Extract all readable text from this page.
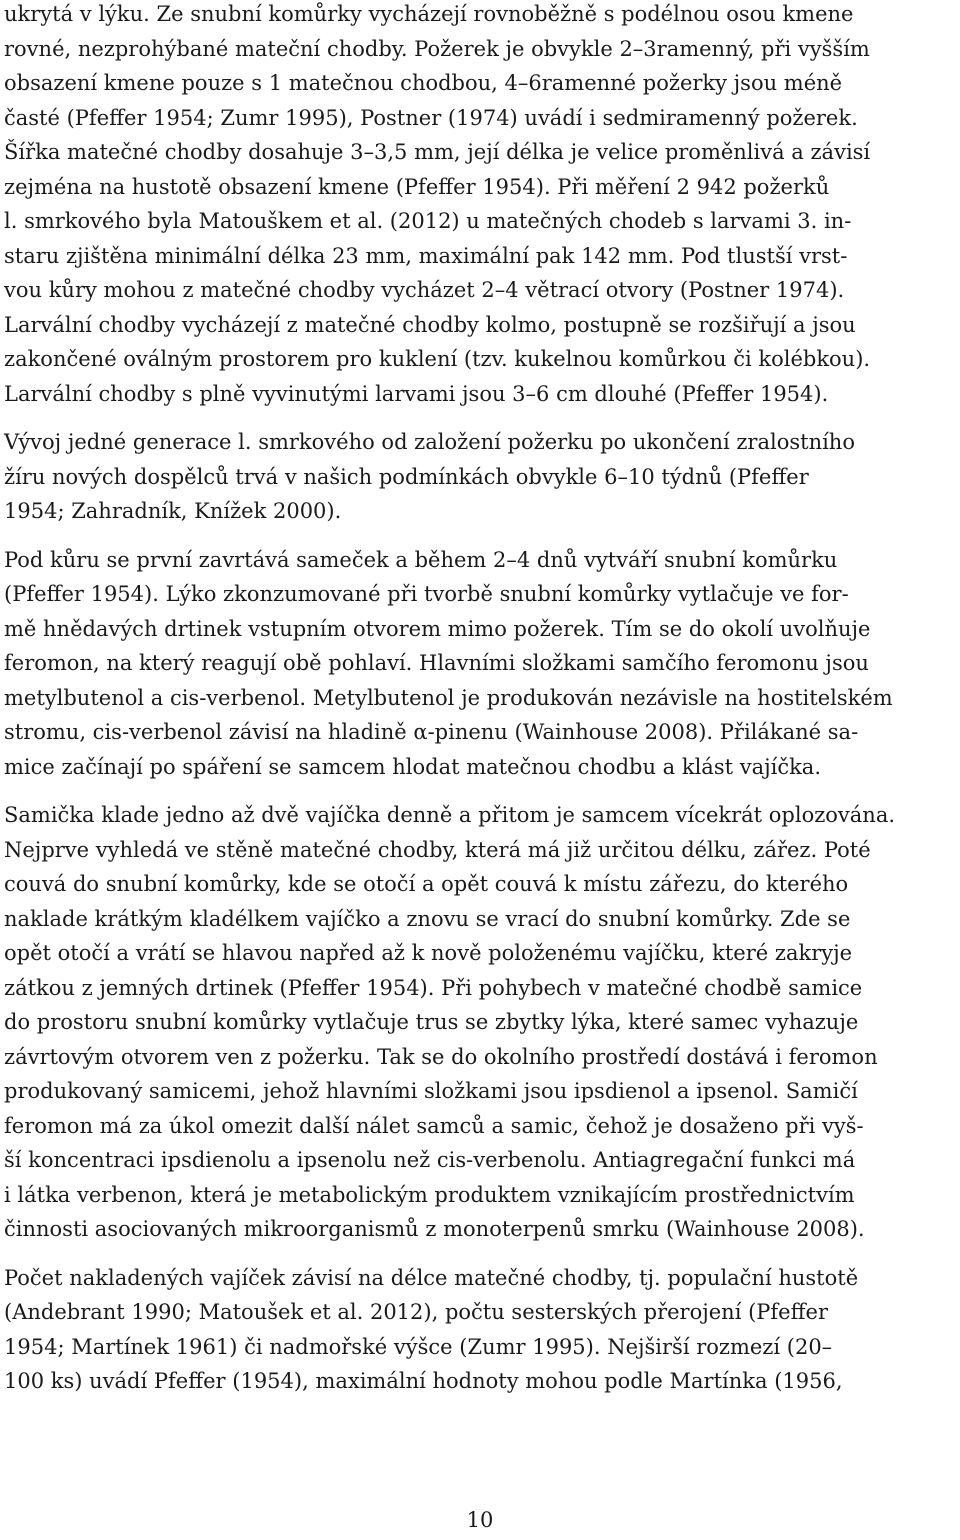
ukrytá v lýku. Ze snubní komůrky vycházejí rovnoběžně s podélnou osou kmene
rovné, nezprohýbané mateční chodby. Požerek je obvykle 2–3ramenný, při vyšším
obsazení kmene pouze s 1 matečnou chodbou, 4–6ramenné požerky jsou méně
časté (Pfeffer 1954; Zumr 1995), Postner (1974) uvádí i sedmiramenný požerek.
Šířka matečné chodby dosahuje 3–3,5 mm, její délka je velice proměnlivá a závisí
zejména na hustotě obsazení kmene (Pfeffer 1954). Při měření 2 942 požerků
l. smrkového byla Matouškem et al. (2012) u matečných chodeb s larvami 3. in-
staru zjištěna minimální délka 23 mm, maximální pak 142 mm. Pod tlustší vrst-
vou kůry mohou z matečné chodby vycházet 2–4 větrací otvory (Postner 1974).
Larvální chodby vycházejí z matečné chodby kolmo, postupně se rozšiřují a jsou
zakončené oválným prostorem pro kuklení (tzv. kukelnou komůrkou či kolébkou).
Larvální chodby s plně vyvinutými larvami jsou 3–6 cm dlouhé (Pfeffer 1954).
Vývoj jedné generace l. smrkového od založení požerku po ukončení zralostního
žíru nových dospělců trvá v našich podmínkách obvykle 6–10 týdnů (Pfeffer
1954; Zahradník, Knížek 2000).
Pod kůru se první zavrtává sameček a během 2–4 dnů vytváří snubní komůrku
(Pfeffer 1954). Lýko zkonzumované při tvorbě snubní komůrky vytlačuje ve for-
mě hnědavých drtinek vstupním otvorem mimo požerek. Tím se do okolí uvolňuje
feromon, na který reagují obě pohlaví. Hlavními složkami samčího feromonu jsou
metylbutenol a cis-verbenol. Metylbutenol je produkován nezávisle na hostitelském
stromu, cis-verbenol závisí na hladině α-pinenu (Wainhouse 2008). Přilákané sa-
mice začínají po spáření se samcem hlodat matečnou chodbu a klást vajíčka.
Samička klade jedno až dvě vajíčka denně a přitom je samcem vícekrát oplozována.
Nejprve vyhledá ve stěně matečné chodby, která má již určitou délku, zářez. Poté
couvá do snubní komůrky, kde se otočí a opět couvá k místu zářezu, do kterého
naklade krátkým kladélkem vajíčko a znovu se vrací do snubní komůrky. Zde se
opět otočí a vrátí se hlavou napřed až k nově položenému vajíčku, které zakryje
zátkou z jemných drtinek (Pfeffer 1954). Při pohybech v matečné chodbě samice
do prostoru snubní komůrky vytlačuje trus se zbytky lýka, které samec vyhazuje
závrtovým otvorem ven z požerku. Tak se do okolního prostředí dostává i feromon
produkovaný samicemi, jehož hlavními složkami jsou ipsdienol a ipsenol. Samičí
feromon má za úkol omezit další nálet samců a samic, čehož je dosaženo při vyš-
ší koncentraci ipsdienolu a ipsenolu než cis-verbenolu. Antiagregační funkci má
i látka verbenon, která je metabolickým produktem vznikajícím prostřednictvím
činnosti asociovaných mikroorganismů z monoterpenů smrku (Wainhouse 2008).
Počet nakladených vajíček závisí na délce matečné chodby, tj. populační hustotě
(Andebrant 1990; Matoušek et al. 2012), počtu sesterských přerojení (Pfeffer
1954; Martínek 1961) či nadmořské výšce (Zumr 1995). Nejširší rozmezí (20–
100 ks) uvádí Pfeffer (1954), maximální hodnoty mohou podle Martínka (1956,
10
